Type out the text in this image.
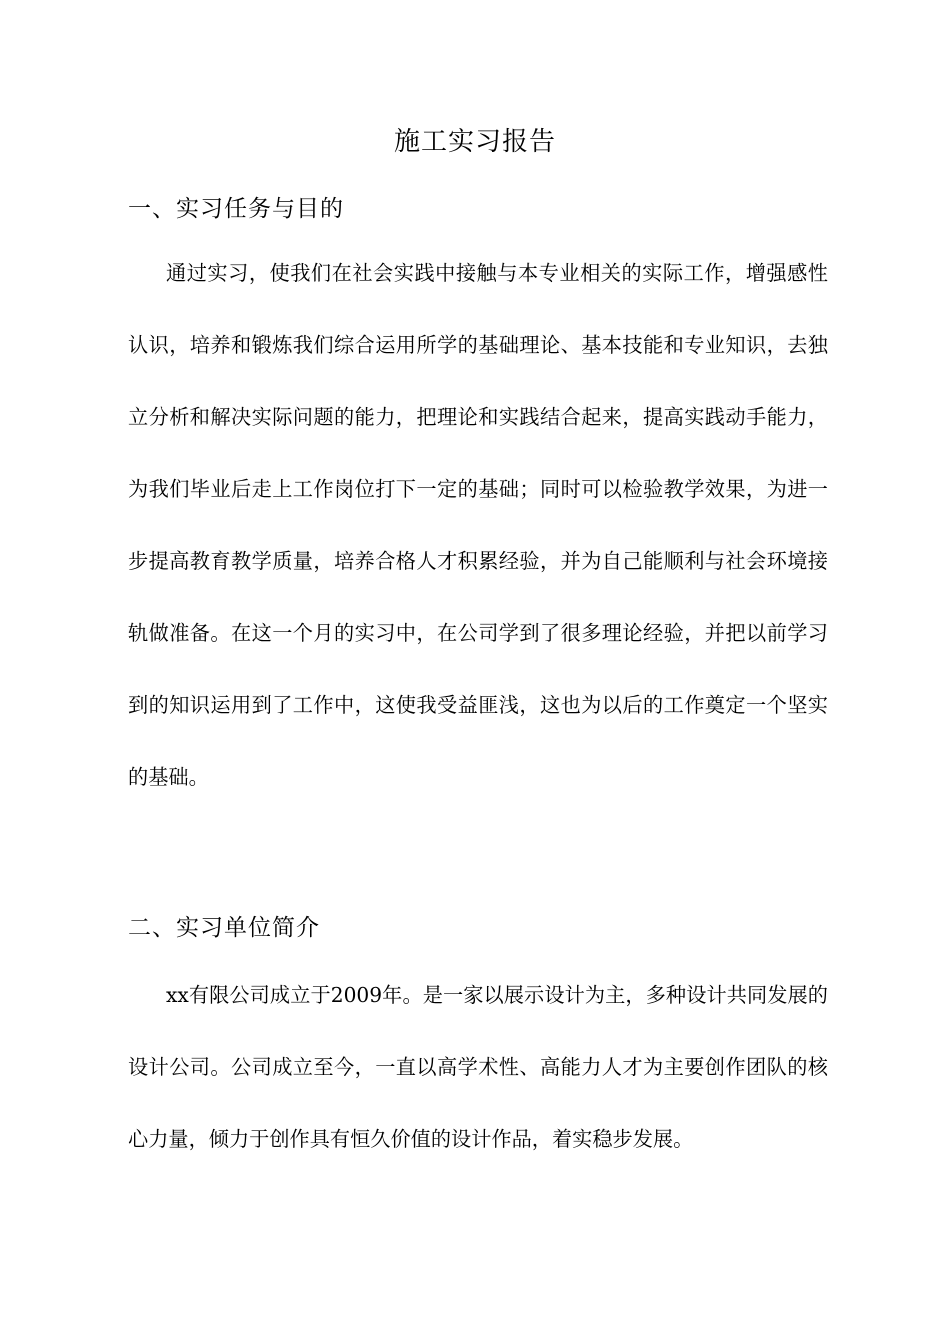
施工实习报告
一、实习任务与目的

通过实习，使我们在社会实践中接触与本专业相关的实际工作，增强感性认识，培养和锻炼我们综合运用所学的基础理论、基本技能和专业知识，去独立分析和解决实际问题的能力，把理论和实践结合起来，提高实践动手能力，为我们毕业后走上工作岗位打下一定的基础；同时可以检验教学效果，为进一步提高教育教学质量，培养合格人才积累经验，并为自己能顺利与社会环境接轨做准备。在这一个月的实习中，在公司学到了很多理论经验，并把以前学习到的知识运用到了工作中，这使我受益匪浅，这也为以后的工作奠定一个坚实的基础。

二、实习单位简介

xx有限公司成立于2009年。是一家以展示设计为主，多种设计共同发展的设计公司。公司成立至今，一直以高学术性、高能力人才为主要创作团队的核心力量，倾力于创作具有恒久价值的设计作品，着实稳步发展。
